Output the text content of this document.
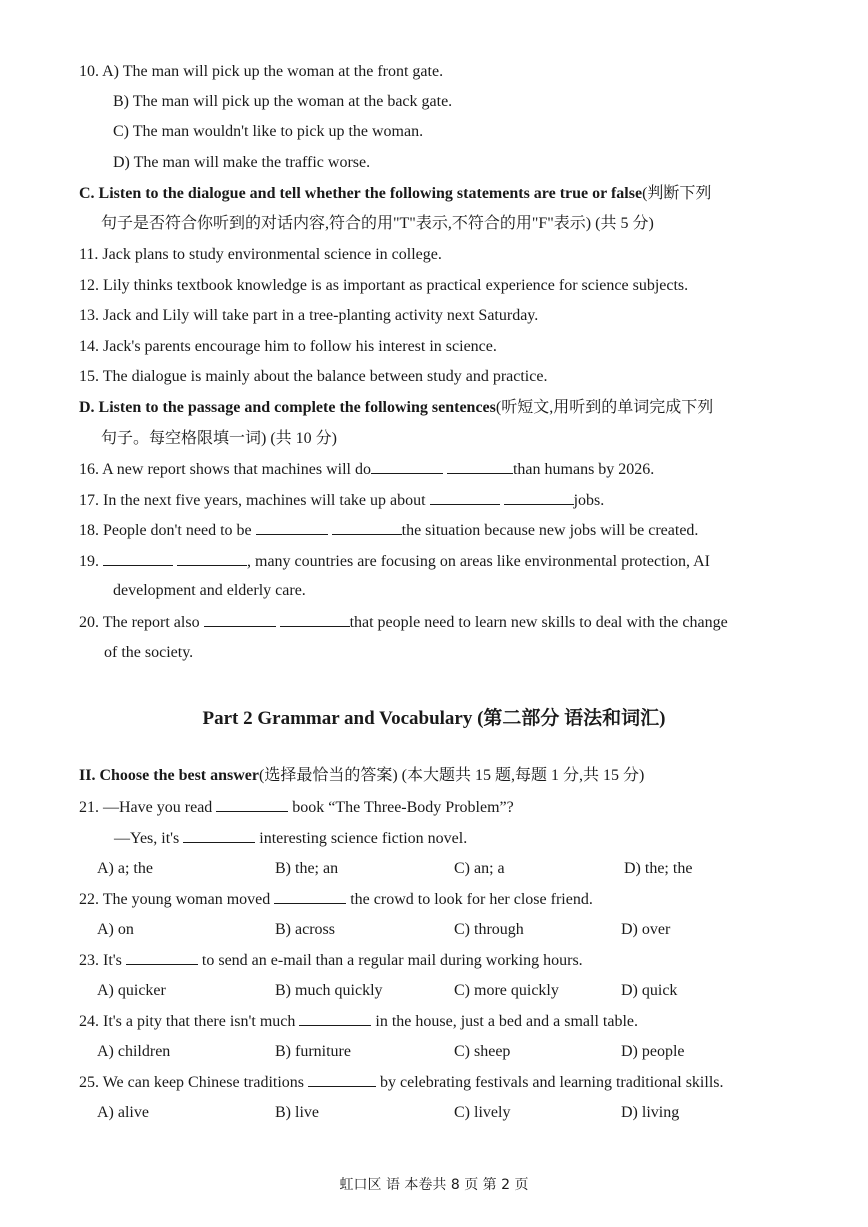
10. A) The man will pick up the woman at the front gate.
B) The man will pick up the woman at the back gate.
C) The man wouldn't like to pick up the woman.
D) The man will make the traffic worse.
C. Listen to the dialogue and tell whether the following statements are true or false(判断下列
句子是否符合你听到的对话内容,符合的用"T"表示,不符合的用"F"表示) (共 5 分)
11. Jack plans to study environmental science in college.
12. Lily thinks textbook knowledge is as important as practical experience for science subjects.
13. Jack and Lily will take part in a tree-planting activity next Saturday.
14. Jack's parents encourage him to follow his interest in science.
15. The dialogue is mainly about the balance between study and practice.
D. Listen to the passage and complete the following sentences(听短文,用听到的单词完成下列
句子。每空格限填一词) (共 10 分)
16. A new report shows that machines will do	than humans by 2026.
17. In the next five years, machines will take up about	jobs.
18. People don't need to be	the situation because new jobs will be created.
19.	, many countries are focusing on areas like environmental protection, AI
development and elderly care.
20. The report also	that people need to learn new skills to deal with the change
of the society.
Part 2 Grammar and Vocabulary (第二部分 语法和词汇)
II. Choose the best answer(选择最恰当的答案) (本大题共 15 题,每题 1 分,共 15 分)
21. —Have you read	book “The Three-Body Problem”?
—Yes, it's	interesting science fiction novel.
A) a; the	B) the; an	C) an; a	D) the; the
22. The young woman moved	the crowd to look for her close friend.
A) on	B) across	C) through	D) over
23. It's	to send an e-mail than a regular mail during working hours.
A) quicker	B) much quickly	C) more quickly	D) quick
24. It's a pity that there isn't much	in the house, just a bed and a small table.
A) children	B) furniture	C) sheep	D) people
25. We can keep Chinese traditions	by celebrating festivals and learning traditional skills.
A) alive	B) live	C) lively	D) living
虹口区 语 本卷共 8 页 第 2 页
